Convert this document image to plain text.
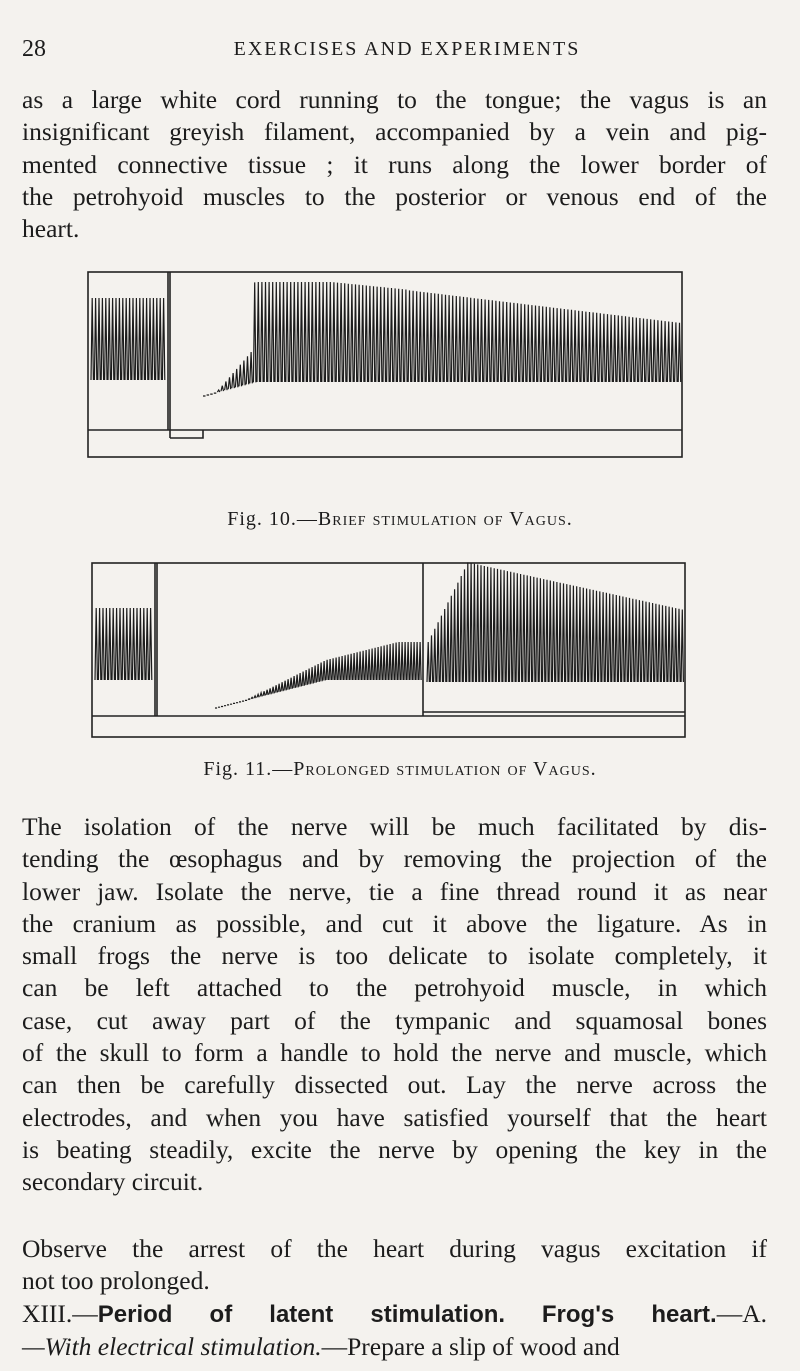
28	EXERCISES AND EXPERIMENTS

as a large white cord running to the tongue; the vagus is an
insignificant greyish filament, accompanied by a vein and pig-
mented connective tissue ; it runs along the lower border of
the petrohyoid muscles to the posterior or venous end of the
heart.

Fig. 10.—Brief stimulation of Vagus.
Fig. 11.—Prolonged stimulation of Vagus.

The isolation of the nerve will be much facilitated by dis-
tending the œsophagus and by removing the projection of the
lower jaw. Isolate the nerve, tie a fine thread round it as near
the cranium as possible, and cut it above the ligature. As in
small frogs the nerve is too delicate to isolate completely, it
can be left attached to the petrohyoid muscle, in which
case, cut away part of the tympanic and squamosal bones
of the skull to form a handle to hold the nerve and muscle, which
can then be carefully dissected out. Lay the nerve across the
electrodes, and when you have satisfied yourself that the heart
is beating steadily, excite the nerve by opening the key in the
secondary circuit.

Observe the arrest of the heart during vagus excitation if
not too prolonged.

XIII.—Period of latent stimulation. Frog's heart.—A.
—With electrical stimulation.—Prepare a slip of wood and
